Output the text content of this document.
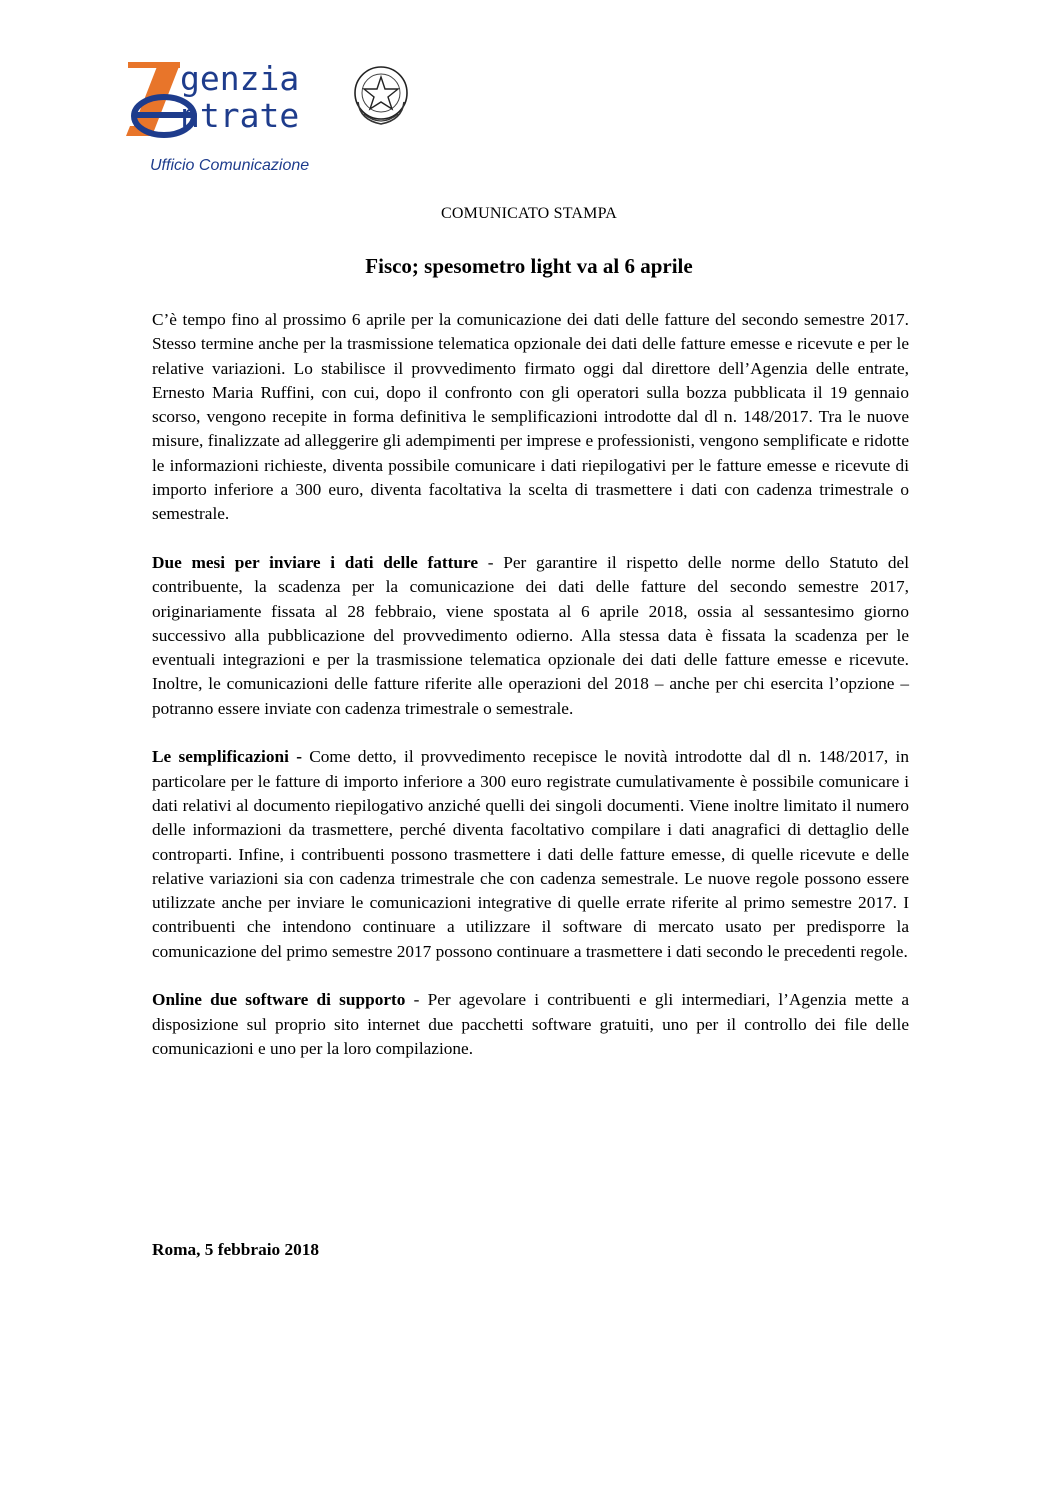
genzia
ntrate
Ufficio Comunicazione
COMUNICATO STAMPA
Fisco; spesometro light va al 6 aprile

C’è tempo fino al prossimo 6 aprile per la comunicazione dei dati delle fatture del secondo semestre 2017. Stesso termine anche per la trasmissione telematica opzionale dei dati delle fatture emesse e ricevute e per le relative variazioni. Lo stabilisce il provvedimento firmato oggi dal direttore dell’Agenzia delle entrate, Ernesto Maria Ruffini, con cui, dopo il confronto con gli operatori sulla bozza pubblicata il 19 gennaio scorso, vengono recepite in forma definitiva le semplificazioni introdotte dal dl n. 148/2017. Tra le nuove misure, finalizzate ad alleggerire gli adempimenti per imprese e professionisti, vengono semplificate e ridotte le informazioni richieste, diventa possibile comunicare i dati riepilogativi per le fatture emesse e ricevute di importo inferiore a 300 euro, diventa facoltativa la scelta di trasmettere i dati con cadenza trimestrale o semestrale.

Due mesi per inviare i dati delle fatture - Per garantire il rispetto delle norme dello Statuto del contribuente, la scadenza per la comunicazione dei dati delle fatture del secondo semestre 2017, originariamente fissata al 28 febbraio, viene spostata al 6 aprile 2018, ossia al sessantesimo giorno successivo alla pubblicazione del provvedimento odierno. Alla stessa data è fissata la scadenza per le eventuali integrazioni e per la trasmissione telematica opzionale dei dati delle fatture emesse e ricevute. Inoltre, le comunicazioni delle fatture riferite alle operazioni del 2018 – anche per chi esercita l’opzione – potranno essere inviate con cadenza trimestrale o semestrale.

Le semplificazioni - Come detto, il provvedimento recepisce le novità introdotte dal dl n. 148/2017, in particolare per le fatture di importo inferiore a 300 euro registrate cumulativamente è possibile comunicare i dati relativi al documento riepilogativo anziché quelli dei singoli documenti. Viene inoltre limitato il numero delle informazioni da trasmettere, perché diventa facoltativo compilare i dati anagrafici di dettaglio delle controparti. Infine, i contribuenti possono trasmettere i dati delle fatture emesse, di quelle ricevute e delle relative variazioni sia con cadenza trimestrale che con cadenza semestrale. Le nuove regole possono essere utilizzate anche per inviare le comunicazioni integrative di quelle errate riferite al primo semestre 2017. I contribuenti che intendono continuare a utilizzare il software di mercato usato per predisporre la comunicazione del primo semestre 2017 possono continuare a trasmettere i dati secondo le precedenti regole.

Online due software di supporto - Per agevolare i contribuenti e gli intermediari, l’Agenzia mette a disposizione sul proprio sito internet due pacchetti software gratuiti, uno per il controllo dei file delle comunicazioni e uno per la loro compilazione.

Roma, 5 febbraio 2018
